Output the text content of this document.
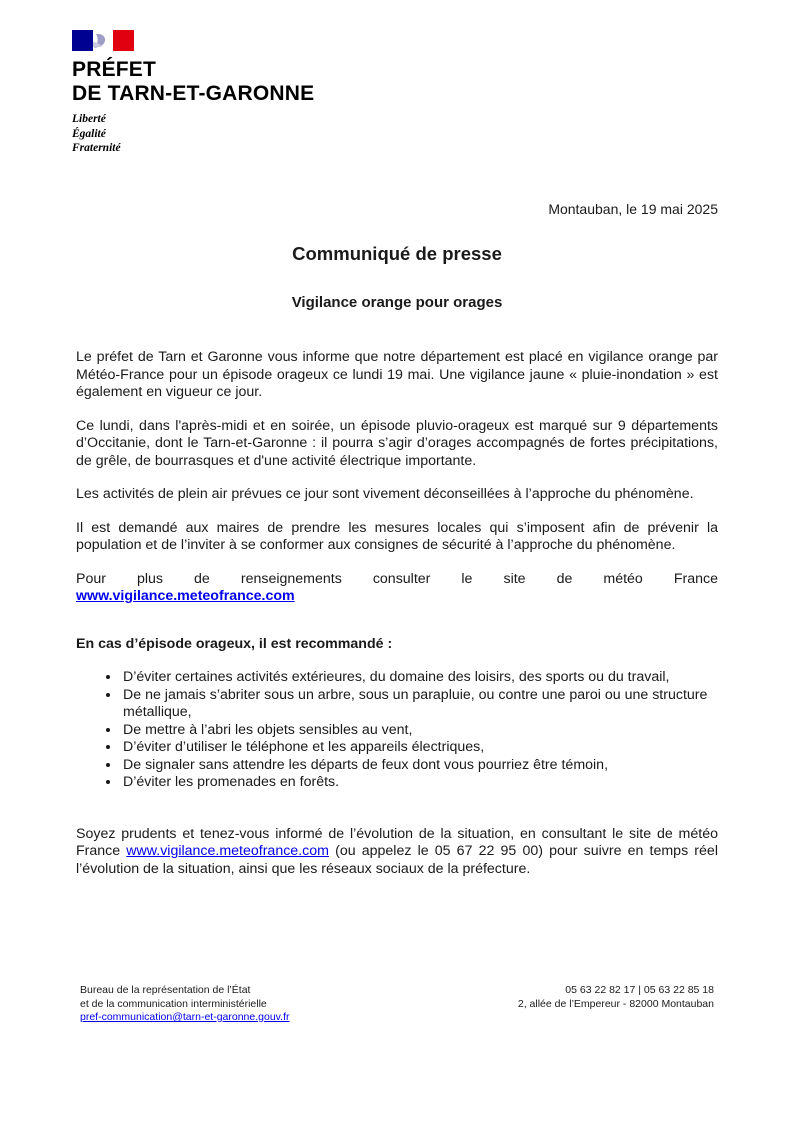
PRÉFET
DE TARN-ET-GARONNE
Liberté
Égalité
Fraternité
Montauban, le 19 mai 2025
Communiqué de presse
Vigilance orange pour orages

Le préfet de Tarn et Garonne vous informe que notre département est placé en vigilance orange par Météo-France pour un épisode orageux ce lundi 19 mai. Une vigilance jaune « pluie-inondation » est également en vigueur ce jour.

Ce lundi, dans l'après-midi et en soirée, un épisode pluvio-orageux est marqué sur 9 départements d’Occitanie, dont le Tarn-et-Garonne : il pourra s’agir d’orages accompagnés de fortes précipitations, de grêle, de bourrasques et d'une activité électrique importante.

Les activités de plein air prévues ce jour sont vivement déconseillées à l’approche du phénomène.

Il est demandé aux maires de prendre les mesures locales qui s’imposent afin de prévenir la population et de l’inviter à se conformer aux consignes de sécurité à l’approche du phénomène.

Pour plus de renseignements consulter le site de météo France

www.vigilance.meteofrance.com

En cas d’épisode orageux, il est recommandé :

• D’éviter certaines activités extérieures, du domaine des loisirs, des sports ou du travail,
• De ne jamais s’abriter sous un arbre, sous un parapluie, ou contre une paroi ou une structure métallique,
• De mettre à l’abri les objets sensibles au vent,
• D’éviter d’utiliser le téléphone et les appareils électriques,
• De signaler sans attendre les départs de feux dont vous pourriez être témoin,
• D’éviter les promenades en forêts.

Soyez prudents et tenez-vous informé de l’évolution de la situation, en consultant le site de météo France www.vigilance.meteofrance.com (ou appelez le 05 67 22 95 00) pour suivre en temps réel l’évolution de la situation, ainsi que les réseaux sociaux de la préfecture.

Bureau de la représentation de l’État
et de la communication interministérielle
pref-communication@tarn-et-garonne.gouv.fr
05 63 22 82 17 | 05 63 22 85 18
2, allée de l’Empereur - 82000 Montauban
